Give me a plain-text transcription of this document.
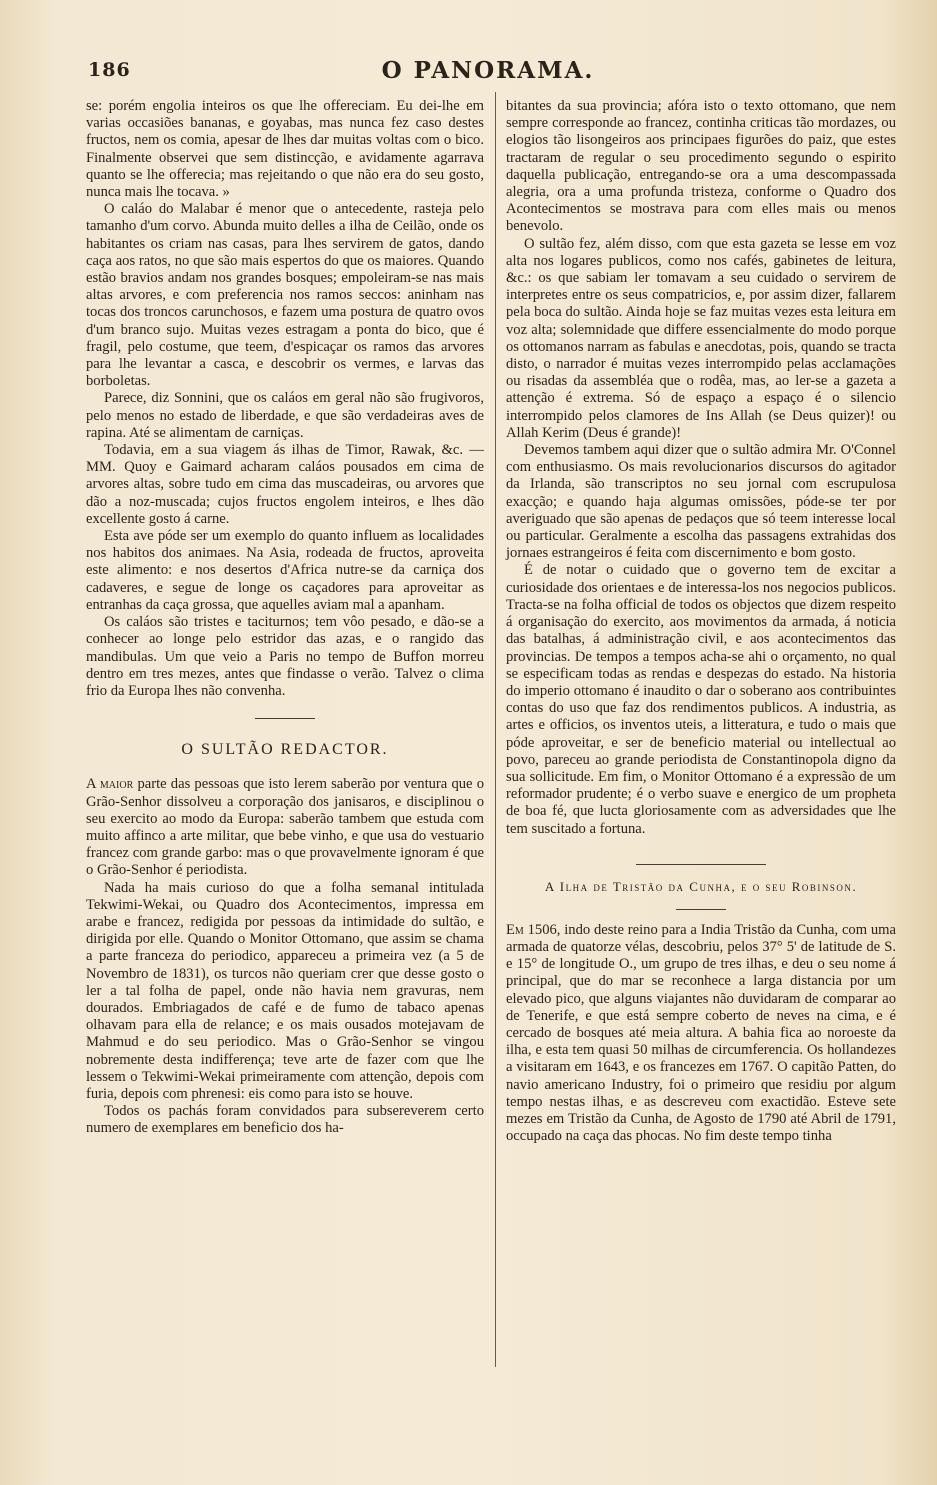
186	O PANORAMA.

se: porém engolia inteiros os que lhe offereciam. Eu dei-lhe em varias occasiões bananas, e goyabas, mas nunca fez caso destes fructos, nem os comia, apesar de lhes dar muitas voltas com o bico. Finalmente observei que sem distincção, e avidamente agarrava quanto se lhe offerecia; mas rejeitando o que não era do seu gosto, nunca mais lhe tocava. »

O caláo do Malabar é menor que o antecedente, rasteja pelo tamanho d'um corvo. Abunda muito delles a ilha de Ceilão, onde os habitantes os criam nas casas, para lhes servirem de gatos, dando caça aos ratos, no que são mais espertos do que os maiores. Quando estão bravios andam nos grandes bosques; empoleiram-se nas mais altas arvores, e com preferencia nos ramos seccos: aninham nas tocas dos troncos carunchosos, e fazem uma postura de quatro ovos d'um branco sujo. Muitas vezes estragam a ponta do bico, que é fragil, pelo costume, que teem, d'espicaçar os ramos das arvores para lhe levantar a casca, e descobrir os vermes, e larvas das borboletas.

Parece, diz Sonnini, que os caláos em geral não são frugivoros, pelo menos no estado de liberdade, e que são verdadeiras aves de rapina. Até se alimentam de carniças.

Todavia, em a sua viagem ás ilhas de Timor, Rawak, &c. — MM. Quoy e Gaimard acharam caláos pousados em cima de arvores altas, sobre tudo em cima das muscadeiras, ou arvores que dão a noz-muscada; cujos fructos engolem inteiros, e lhes dão excellente gosto á carne.

Esta ave póde ser um exemplo do quanto influem as localidades nos habitos dos animaes. Na Asia, rodeada de fructos, aproveita este alimento: e nos desertos d'Africa nutre-se da carniça dos cadaveres, e segue de longe os caçadores para aproveitar as entranhas da caça grossa, que aquelles aviam mal a apanham.

Os caláos são tristes e taciturnos; tem vôo pesado, e dão-se a conhecer ao longe pelo estridor das azas, e o rangido das mandibulas. Um que veio a Paris no tempo de Buffon morreu dentro em tres mezes, antes que findasse o verão. Talvez o clima frio da Europa lhes não convenha.

O SULTÃO REDACTOR.

A maior parte das pessoas que isto lerem saberão por ventura que o Grão-Senhor dissolveu a corporação dos janisaros, e disciplinou o seu exercito ao modo da Europa: saberão tambem que estuda com muito affinco a arte militar, que bebe vinho, e que usa do vestuario francez com grande garbo: mas o que provavelmente ignoram é que o Grão-Senhor é periodista.

Nada ha mais curioso do que a folha semanal intitulada Tekwimi-Wekai, ou Quadro dos Acontecimentos, impressa em arabe e francez, redigida por pessoas da intimidade do sultão, e dirigida por elle. Quando o Monitor Ottomano, que assim se chama a parte franceza do periodico, appareceu a primeira vez (a 5 de Novembro de 1831), os turcos não queriam crer que desse gosto o ler a tal folha de papel, onde não havia nem gravuras, nem dourados. Embriagados de café e de fumo de tabaco apenas olhavam para ella de relance; e os mais ousados motejavam de Mahmud e do seu periodico. Mas o Grão-Senhor se vingou nobremente desta indifferença; teve arte de fazer com que lhe lessem o Tekwimi-Wekai primeiramente com attenção, depois com furia, depois com phrenesi: eis como para isto se houve.

Todos os pachás foram convidados para subsereverem certo numero de exemplares em beneficio dos ha-

bitantes da sua provincia; afóra isto o texto ottomano, que nem sempre corresponde ao francez, continha criticas tão mordazes, ou elogios tão lisongeiros aos principaes figurões do paiz, que estes tractaram de regular o seu procedimento segundo o espirito daquella publicação, entregando-se ora a uma descompassada alegria, ora a uma profunda tristeza, conforme o Quadro dos Acontecimentos se mostrava para com elles mais ou menos benevolo.

O sultão fez, além disso, com que esta gazeta se lesse em voz alta nos logares publicos, como nos cafés, gabinetes de leitura, &c.: os que sabiam ler tomavam a seu cuidado o servirem de interpretes entre os seus compatricios, e, por assim dizer, fallarem pela boca do sultão. Ainda hoje se faz muitas vezes esta leitura em voz alta; solemnidade que differe essencialmente do modo porque os ottomanos narram as fabulas e anecdotas, pois, quando se tracta disto, o narrador é muitas vezes interrompido pelas acclamações ou risadas da assembléa que o rodêa, mas, ao ler-se a gazeta a attenção é extrema. Só de espaço a espaço é o silencio interrompido pelos clamores de Ins Allah (se Deus quizer)! ou Allah Kerim (Deus é grande)!

Devemos tambem aqui dizer que o sultão admira Mr. O'Connel com enthusiasmo. Os mais revolucionarios discursos do agitador da Irlanda, são transcriptos no seu jornal com escrupulosa exacção; e quando haja algumas omissões, póde-se ter por averiguado que são apenas de pedaços que só teem interesse local ou particular. Geralmente a escolha das passagens extrahidas dos jornaes estrangeiros é feita com discernimento e bom gosto.

É de notar o cuidado que o governo tem de excitar a curiosidade dos orientaes e de interessa-los nos negocios publicos. Tracta-se na folha official de todos os objectos que dizem respeito á organisação do exercito, aos movimentos da armada, á noticia das batalhas, á administração civil, e aos acontecimentos das provincias. De tempos a tempos acha-se ahi o orçamento, no qual se especificam todas as rendas e despezas do estado. Na historia do imperio ottomano é inaudito o dar o soberano aos contribuintes contas do uso que faz dos rendimentos publicos. A industria, as artes e officios, os inventos uteis, a litteratura, e tudo o mais que póde aproveitar, e ser de beneficio material ou intellectual ao povo, pareceu ao grande periodista de Constantinopola digno da sua sollicitude. Em fim, o Monitor Ottomano é a expressão de um reformador prudente; é o verbo suave e energico de um propheta de boa fé, que lucta gloriosamente com as adversidades que lhe tem suscitado a fortuna.

A Ilha de Tristão da Cunha, e o seu Robinson.

Em 1506, indo deste reino para a India Tristão da Cunha, com uma armada de quatorze vélas, descobriu, pelos 37° 5' de latitude de S. e 15° de longitude O., um grupo de tres ilhas, e deu o seu nome á principal, que do mar se reconhece a larga distancia por um elevado pico, que alguns viajantes não duvidaram de comparar ao de Tenerife, e que está sempre coberto de neves na cima, e é cercado de bosques até meia altura. A bahia fica ao noroeste da ilha, e esta tem quasi 50 milhas de circumferencia. Os hollandezes a visitaram em 1643, e os francezes em 1767. O capitão Patten, do navio americano Industry, foi o primeiro que residiu por algum tempo nestas ilhas, e as descreveu com exactidão. Esteve sete mezes em Tristão da Cunha, de Agosto de 1790 até Abril de 1791, occupado na caça das phocas. No fim deste tempo tinha
